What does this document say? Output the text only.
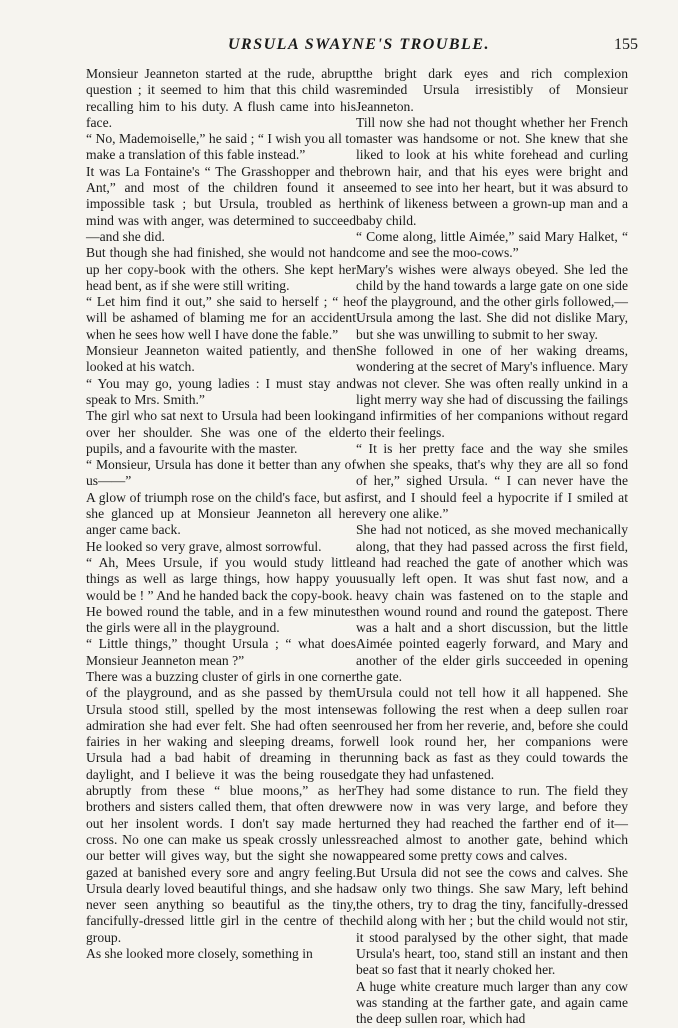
URSULA SWAYNE'S TROUBLE.	155

Monsieur Jeanneton started at the rude, abrupt question ; it seemed to him that this child was recalling him to his duty. A flush came into his face.

“ No, Mademoiselle,” he said ; “ I wish you all to make a translation of this fable instead.”

It was La Fontaine's “ The Grasshopper and the Ant,” and most of the children found it an impossible task ; but Ursula, troubled as her mind was with anger, was determined to succeed—and she did.

But though she had finished, she would not hand up her copy-book with the others. She kept her head bent, as if she were still writing.

“ Let him find it out,” she said to herself ; “ he will be ashamed of blaming me for an accident when he sees how well I have done the fable.”

Monsieur Jeanneton waited patiently, and then looked at his watch.

“ You may go, young ladies : I must stay and speak to Mrs. Smith.”

The girl who sat next to Ursula had been looking over her shoulder. She was one of the elder pupils, and a favourite with the master.

“ Monsieur, Ursula has done it better than any of us——”

A glow of triumph rose on the child's face, but as she glanced up at Monsieur Jeanneton all her anger came back.

He looked so very grave, almost sorrowful.

“ Ah, Mees Ursule, if you would study little things as well as large things, how happy you would be ! ” And he handed back the copy-book.

He bowed round the table, and in a few minutes the girls were all in the playground.

“ Little things,” thought Ursula ; “ what does Monsieur Jeanneton mean ?”

There was a buzzing cluster of girls in one corner of the playground, and as she passed by them Ursula stood still, spelled by the most intense admiration she had ever felt. She had often seen fairies in her waking and sleeping dreams, for Ursula had a bad habit of dreaming in the daylight, and I believe it was the being roused abruptly from these “ blue moons,” as her brothers and sisters called them, that often drew out her insolent words. I don't say made her cross. No one can make us speak crossly unless our better will gives way, but the sight she now gazed at banished every sore and angry feeling. Ursula dearly loved beautiful things, and she had never seen anything so beautiful as the tiny, fancifully-dressed little girl in the centre of the group.

As she looked more closely, something in

the bright dark eyes and rich complexion reminded Ursula irresistibly of Monsieur Jeanneton.

Till now she had not thought whether her French master was handsome or not. She knew that she liked to look at his white forehead and curling brown hair, and that his eyes were bright and seemed to see into her heart, but it was absurd to think of likeness between a grown-up man and a baby child.

“ Come along, little Aimée,” said Mary Halket, “ come and see the moo-cows.”

Mary's wishes were always obeyed. She led the child by the hand towards a large gate on one side of the playground, and the other girls followed,—Ursula among the last. She did not dislike Mary, but she was unwilling to submit to her sway.

She followed in one of her waking dreams, wondering at the secret of Mary's influence. Mary was not clever. She was often really unkind in a light merry way she had of discussing the failings and infirmities of her companions without regard to their feelings.

“ It is her pretty face and the way she smiles when she speaks, that's why they are all so fond of her,” sighed Ursula. “ I can never have the first, and I should feel a hypocrite if I smiled at every one alike.”

She had not noticed, as she moved mechanically along, that they had passed across the first field, and had reached the gate of another which was usually left open. It was shut fast now, and a heavy chain was fastened on to the staple and then wound round and round the gatepost. There was a halt and a short discussion, but the little Aimée pointed eagerly forward, and Mary and another of the elder girls succeeded in opening the gate.

Ursula could not tell how it all happened. She was following the rest when a deep sullen roar roused her from her reverie, and, before she could well look round her, her companions were running back as fast as they could towards the gate they had unfastened.

They had some distance to run. The field they were now in was very large, and before they turned they had reached the farther end of it—reached almost to another gate, behind which appeared some pretty cows and calves.

But Ursula did not see the cows and calves. She saw only two things. She saw Mary, left behind the others, try to drag the tiny, fancifully-dressed child along with her ; but the child would not stir, it stood paralysed by the other sight, that made Ursula's heart, too, stand still an instant and then beat so fast that it nearly choked her.

A huge white creature much larger than any cow was standing at the farther gate, and again came the deep sullen roar, which had
